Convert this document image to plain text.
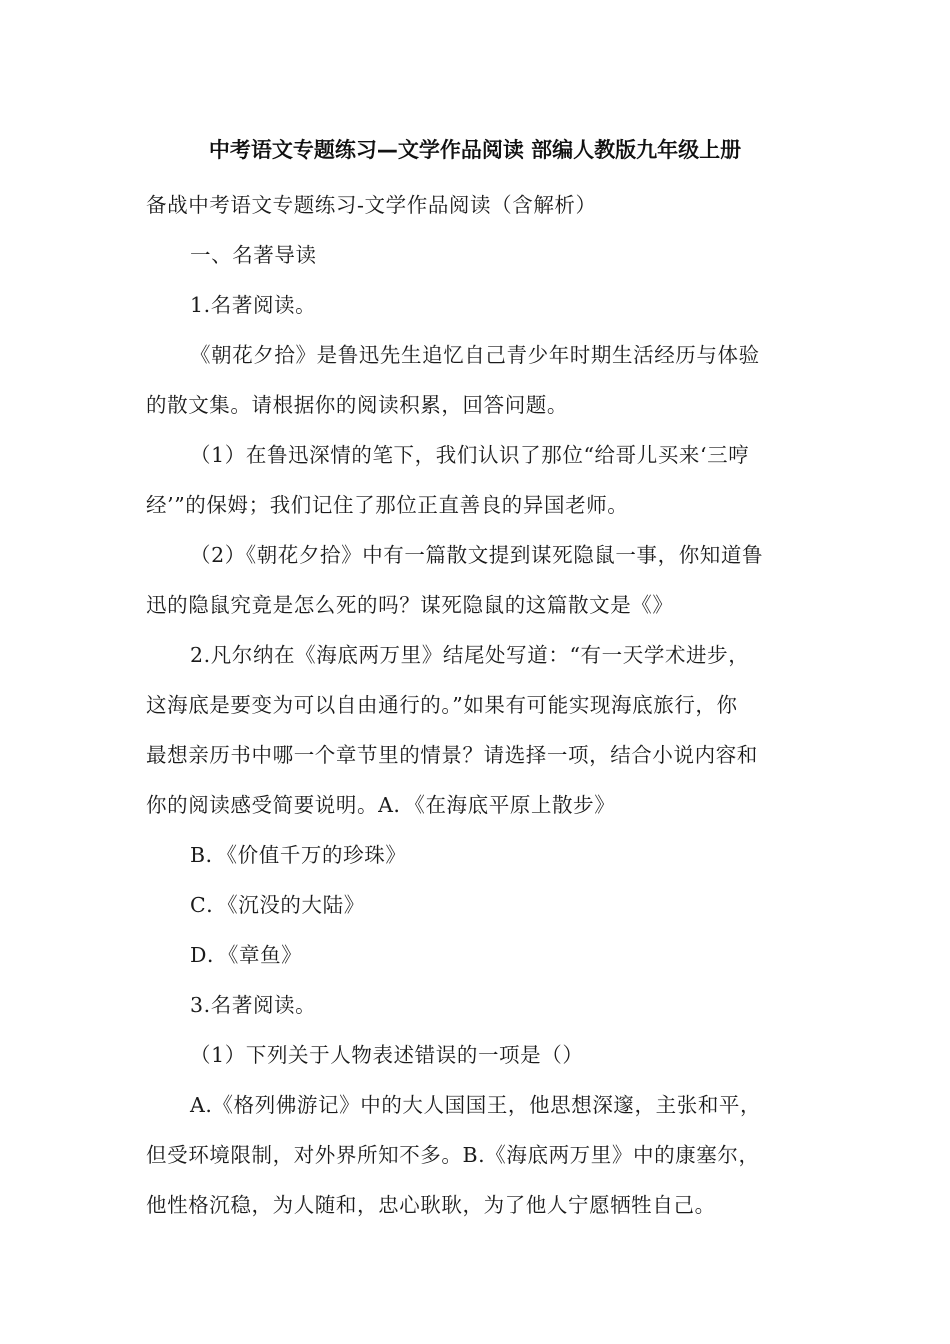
中考语文专题练习—文学作品阅读 部编人教版九年级上册
备战中考语文专题练习-文学作品阅读（含解析）
一、名著导读
1.名著阅读。
《朝花夕拾》是鲁迅先生追忆自己青少年时期生活经历与体验
的散文集。请根据你的阅读积累，回答问题。
（1）在鲁迅深情的笔下，我们认识了那位“给哥儿买来‘三哼
经’”的保姆；我们记住了那位正直善良的异国老师。
（2）《朝花夕拾》中有一篇散文提到谋死隐鼠一事，你知道鲁
迅的隐鼠究竟是怎么死的吗？谋死隐鼠的这篇散文是《》
2.凡尔纳在《海底两万里》结尾处写道：“有一天学术进步，
这海底是要变为可以自由通行的。”如果有可能实现海底旅行，你
最想亲历书中哪一个章节里的情景？请选择一项，结合小说内容和
你的阅读感受简要说明。A．《在海底平原上散步》
B．《价值千万的珍珠》
C．《沉没的大陆》
D．《章鱼》
3.名著阅读。
（1）下列关于人物表述错误的一项是（）
A.《格列佛游记》中的大人国国王，他思想深邃，主张和平，
但受环境限制，对外界所知不多。B.《海底两万里》中的康塞尔，
他性格沉稳，为人随和，忠心耿耿，为了他人宁愿牺牲自己。
